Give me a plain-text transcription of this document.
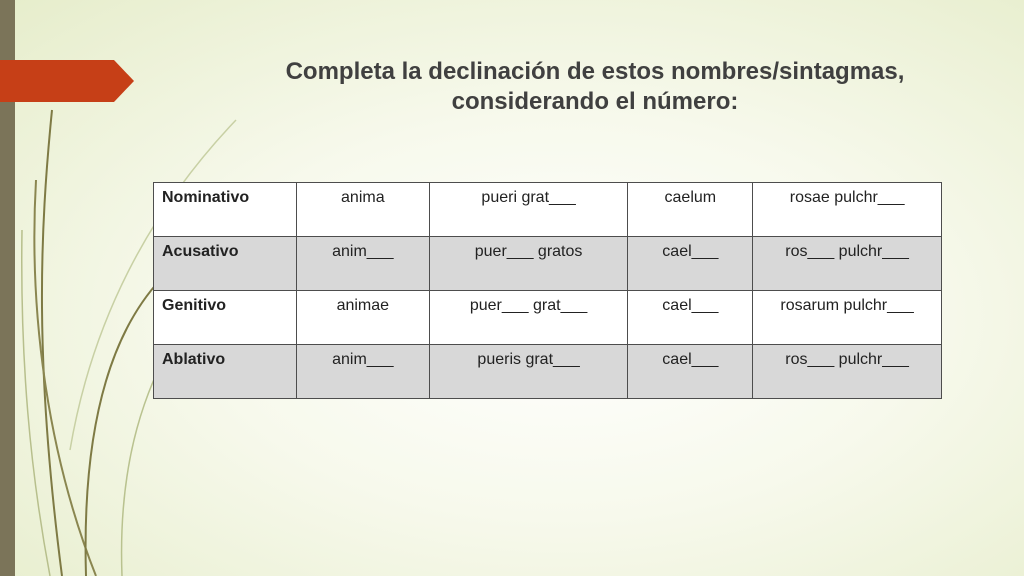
Completa la declinación de estos nombres/sintagmas,
considerando el número:
Nominativo	anima	pueri grat___	caelum	rosae pulchr___
Acusativo	anim___	puer___ gratos	cael___	ros___ pulchr___
Genitivo	animae	puer___ grat___	cael___	rosarum pulchr___
Ablativo	anim___	pueris grat___	cael___	ros___ pulchr___
